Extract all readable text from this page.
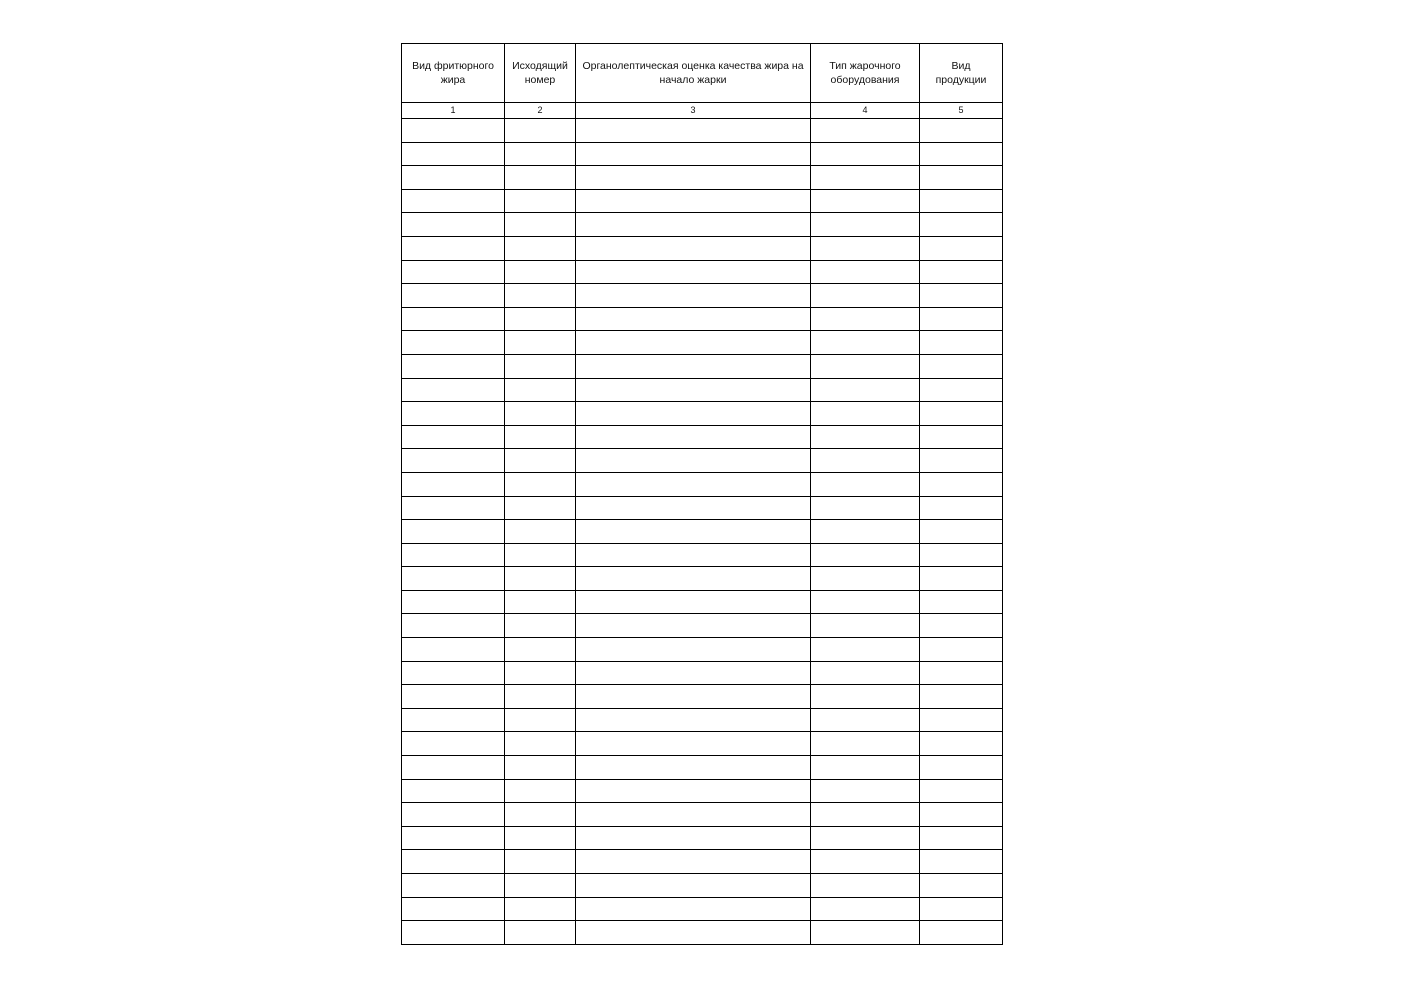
Вид фритюрного жира	Исходящий номер	Органолептическая оценка качества жира на начало жарки	Тип жарочного оборудования	Вид продукции
1	2	3	4	5
